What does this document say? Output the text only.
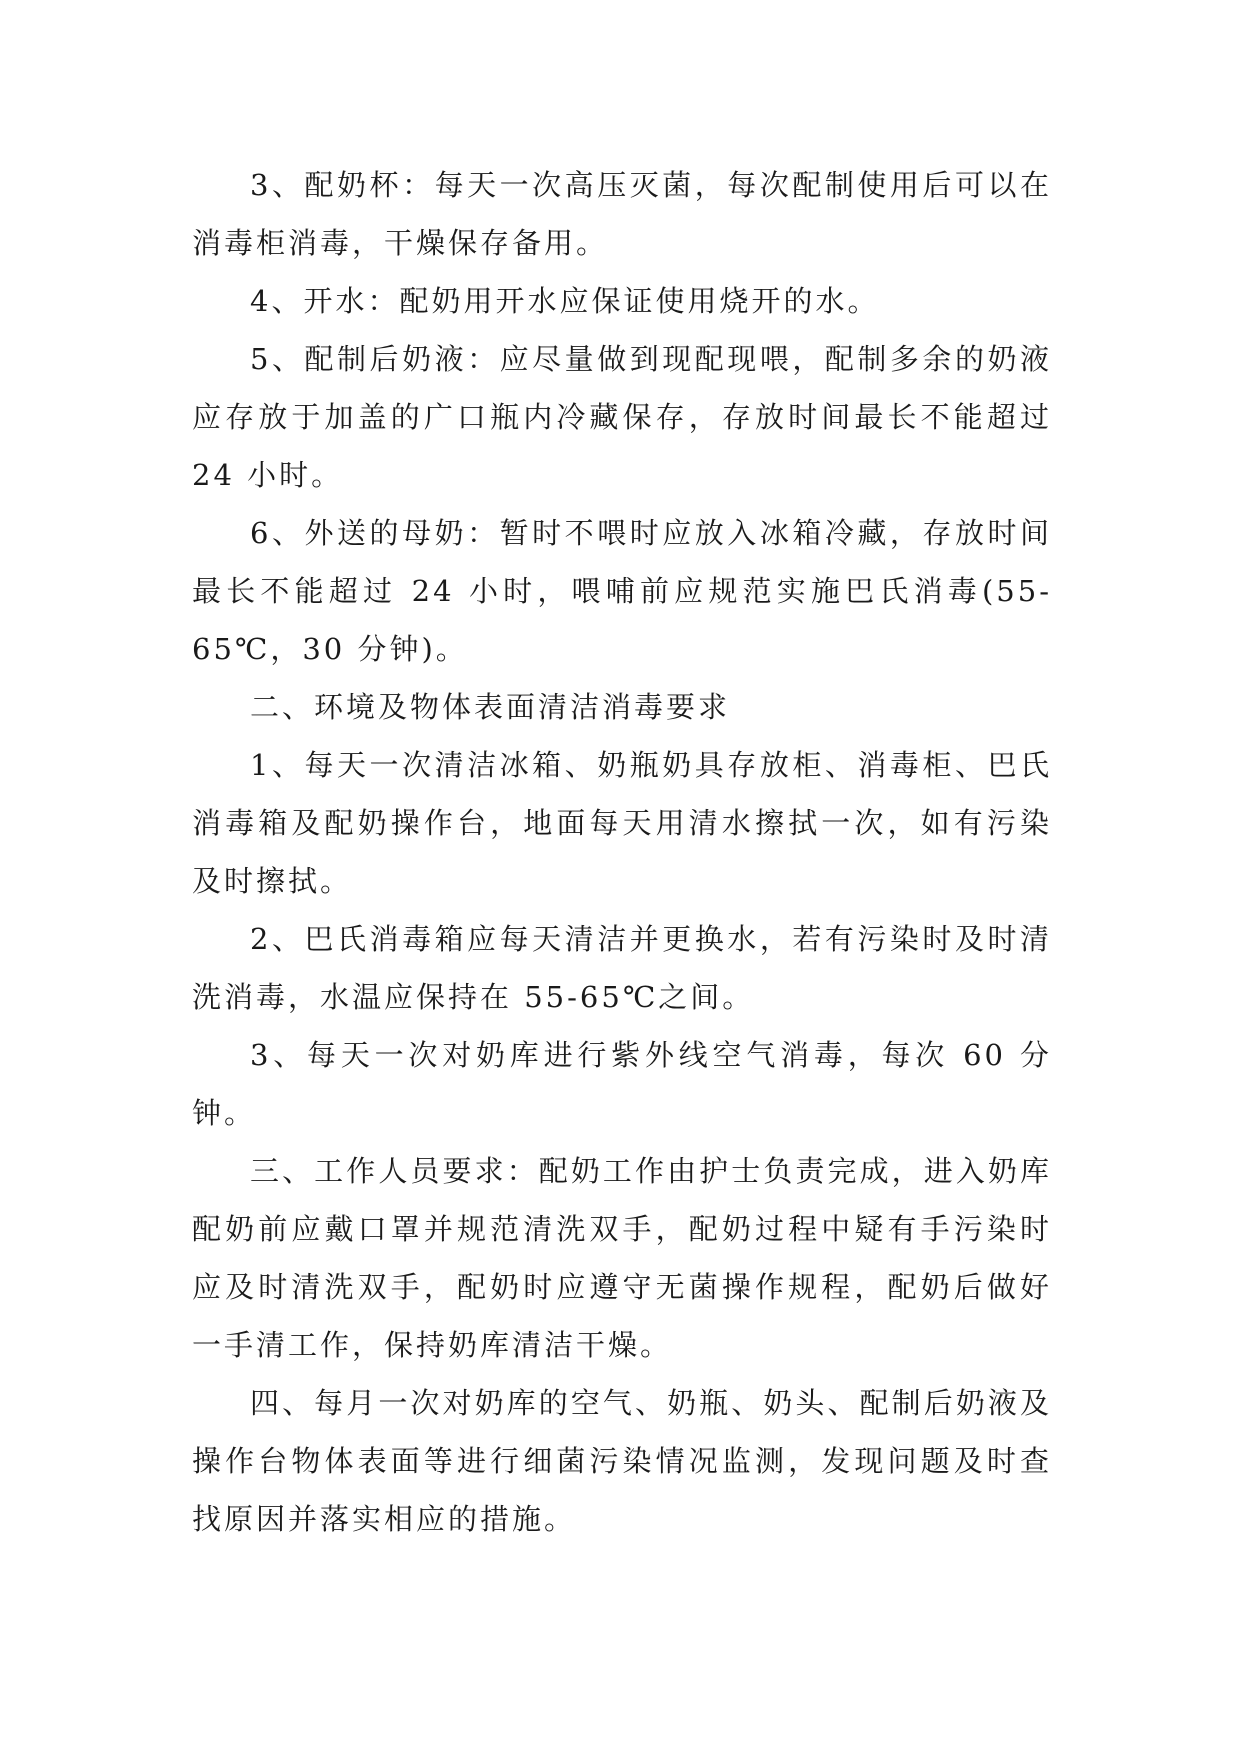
3、配奶杯：每天一次高压灭菌，每次配制使用后可以在消毒柜消毒，干燥保存备用。

4、开水：配奶用开水应保证使用烧开的水。

5、配制后奶液：应尽量做到现配现喂，配制多余的奶液应存放于加盖的广口瓶内冷藏保存，存放时间最长不能超过 24 小时。

6、外送的母奶：暂时不喂时应放入冰箱冷藏，存放时间最长不能超过 24 小时，喂哺前应规范实施巴氏消毒(55-65℃，30 分钟)。

二、环境及物体表面清洁消毒要求

1、每天一次清洁冰箱、奶瓶奶具存放柜、消毒柜、巴氏消毒箱及配奶操作台，地面每天用清水擦拭一次，如有污染及时擦拭。

2、巴氏消毒箱应每天清洁并更换水，若有污染时及时清洗消毒，水温应保持在 55-65℃之间。

3、每天一次对奶库进行紫外线空气消毒，每次 60 分钟。

三、工作人员要求：配奶工作由护士负责完成，进入奶库配奶前应戴口罩并规范清洗双手，配奶过程中疑有手污染时应及时清洗双手，配奶时应遵守无菌操作规程，配奶后做好一手清工作，保持奶库清洁干燥。

四、每月一次对奶库的空气、奶瓶、奶头、配制后奶液及操作台物体表面等进行细菌污染情况监测，发现问题及时查找原因并落实相应的措施。
